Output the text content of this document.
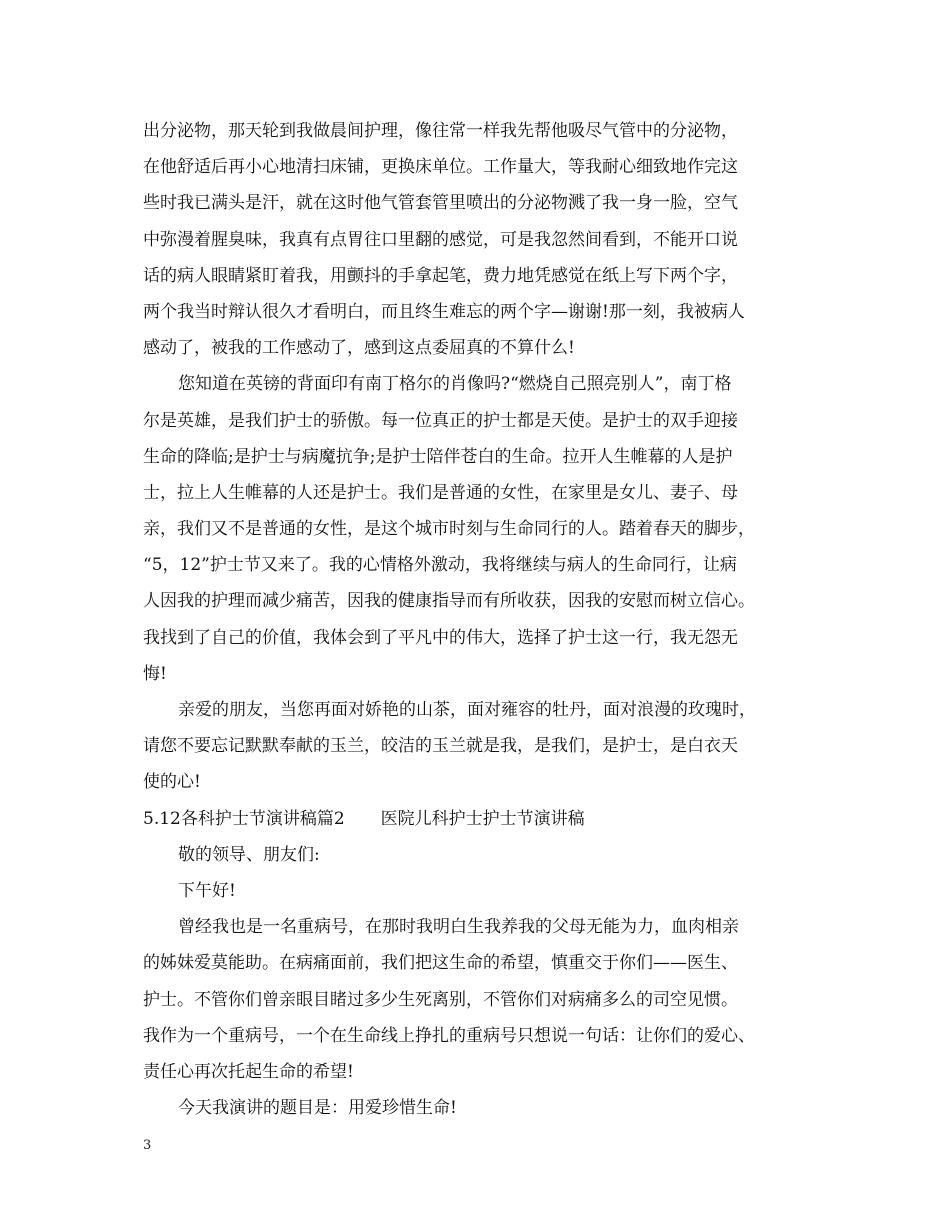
出分泌物，那天轮到我做晨间护理，像往常一样我先帮他吸尽气管中的分泌物，
在他舒适后再小心地清扫床铺，更换床单位。工作量大，等我耐心细致地作完这
些时我已满头是汗，就在这时他气管套管里喷出的分泌物溅了我一身一脸，空气
中弥漫着腥臭味，我真有点胃往口里翻的感觉，可是我忽然间看到，不能开口说
话的病人眼睛紧盯着我，用颤抖的手拿起笔，费力地凭感觉在纸上写下两个字，
两个我当时辩认很久才看明白，而且终生难忘的两个字—谢谢!那一刻，我被病人
感动了，被我的工作感动了，感到这点委屈真的不算什么!
您知道在英镑的背面印有南丁格尔的肖像吗?“燃烧自己照亮别人”，南丁格
尔是英雄，是我们护士的骄傲。每一位真正的护士都是天使。是护士的双手迎接
生命的降临;是护士与病魔抗争;是护士陪伴苍白的生命。拉开人生帷幕的人是护
士，拉上人生帷幕的人还是护士。我们是普通的女性，在家里是女儿、妻子、母
亲，我们又不是普通的女性，是这个城市时刻与生命同行的人。踏着春天的脚步，
“5，12”护士节又来了。我的心情格外激动，我将继续与病人的生命同行，让病
人因我的护理而减少痛苦，因我的健康指导而有所收获，因我的安慰而树立信心。
我找到了自己的价值，我体会到了平凡中的伟大，选择了护士这一行，我无怨无
悔!
亲爱的朋友，当您再面对娇艳的山茶，面对雍容的牡丹，面对浪漫的玫瑰时，
请您不要忘记默默奉献的玉兰，皎洁的玉兰就是我，是我们，是护士，是白衣天
使的心!
5.12各科护士节演讲稿篇2 医院儿科护士护士节演讲稿
敬的领导、朋友们:
下午好!
曾经我也是一名重病号，在那时我明白生我养我的父母无能为力，血肉相亲
的姊妹爱莫能助。在病痛面前，我们把这生命的希望，慎重交于你们——医生、
护士。不管你们曾亲眼目睹过多少生死离别，不管你们对病痛多么的司空见惯。
我作为一个重病号，一个在生命线上挣扎的重病号只想说一句话：让你们的爱心、
责任心再次托起生命的希望!
今天我演讲的题目是：用爱珍惜生命!
3
